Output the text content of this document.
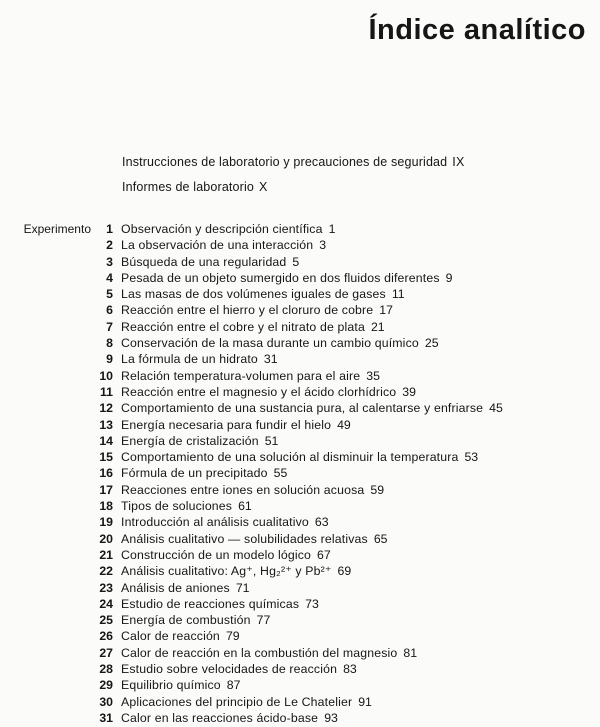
Índice analítico
Instrucciones de laboratorio y precauciones de seguridad IX
Informes de laboratorio X
Experimento	1 Observación y descripción científica 1
2 La observación de una interacción 3
3 Búsqueda de una regularidad 5
4 Pesada de un objeto sumergido en dos fluidos diferentes 9
5 Las masas de dos volúmenes iguales de gases 11
6 Reacción entre el hierro y el cloruro de cobre 17
7 Reacción entre el cobre y el nitrato de plata 21
8 Conservación de la masa durante un cambio químico 25
9 La fórmula de un hidrato 31
10 Relación temperatura-volumen para el aire 35
11 Reacción entre el magnesio y el ácido clorhídrico 39
12 Comportamiento de una sustancia pura, al calentarse y enfriarse 45
13 Energía necesaria para fundir el hielo 49
14 Energía de cristalización 51
15 Comportamiento de una solución al disminuir la temperatura 53
16 Fórmula de un precipitado 55
17 Reacciones entre iones en solución acuosa 59
18 Tipos de soluciones 61
19 Introducción al análisis cualitativo 63
20 Análisis cualitativo — solubilidades relativas 65
21 Construcción de un modelo lógico 67
22 Análisis cualitativo: Ag⁺, Hg₂²⁺ y Pb²⁺ 69
23 Análisis de aniones 71
24 Estudio de reacciones químicas 73
25 Energía de combustión 77
26 Calor de reacción 79
27 Calor de reacción en la combustión del magnesio 81
28 Estudio sobre velocidades de reacción 83
29 Equilibrio químico 87
30 Aplicaciones del principio de Le Chatelier 91
31 Calor en las reacciones ácido-base 93
